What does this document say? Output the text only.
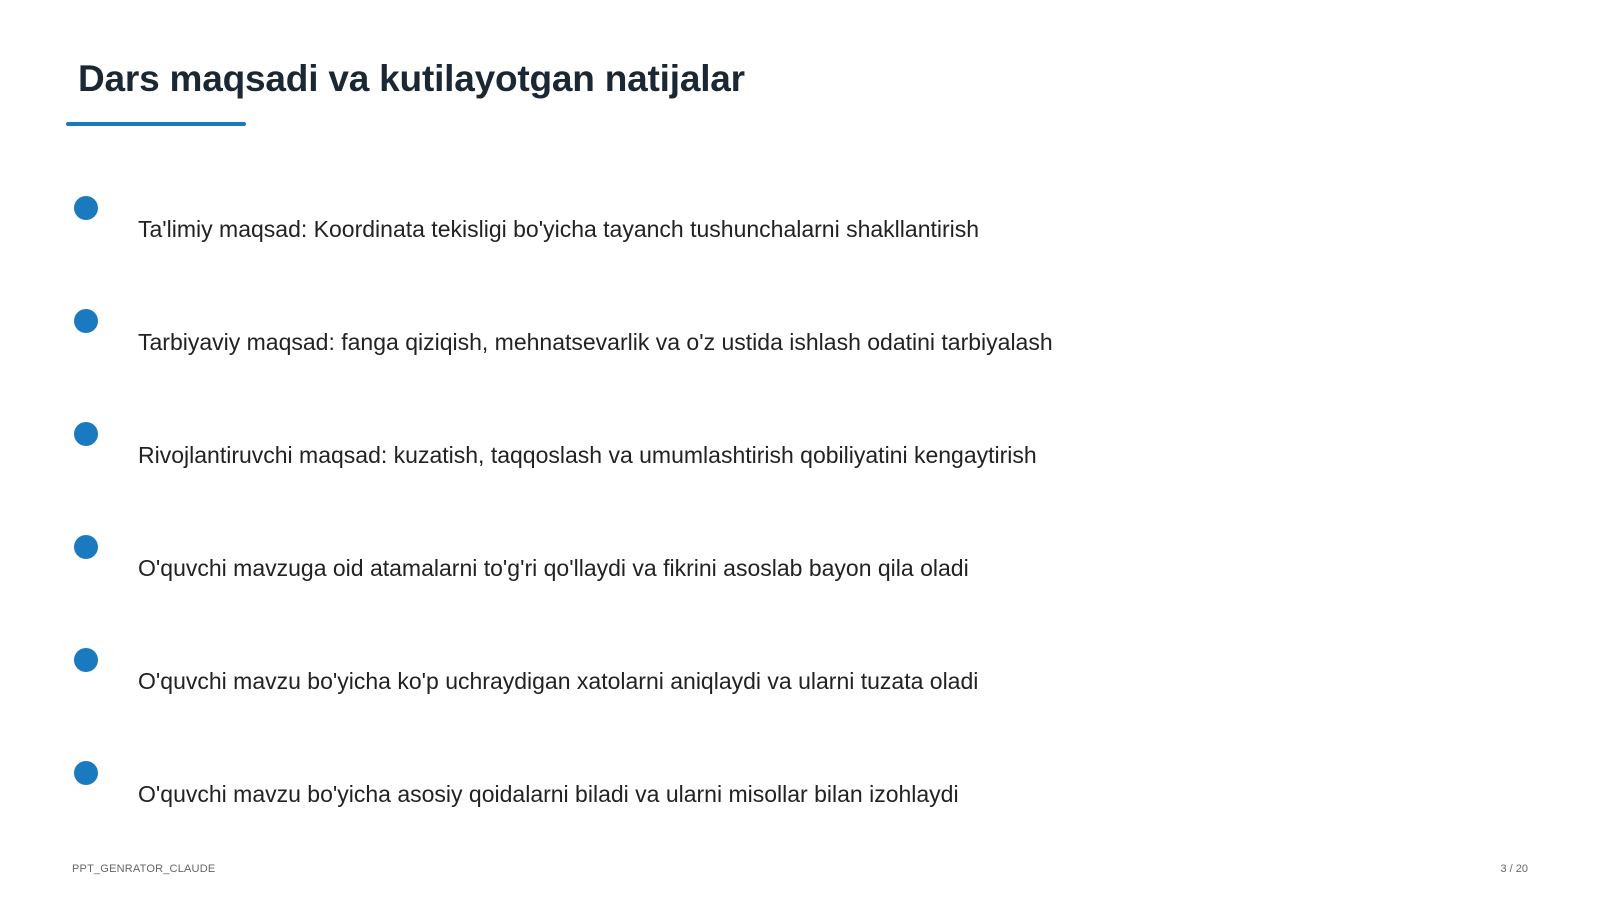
Dars maqsadi va kutilayotgan natijalar
Ta'limiy maqsad: Koordinata tekisligi bo'yicha tayanch tushunchalarni shakllantirish
Tarbiyaviy maqsad: fanga qiziqish, mehnatsevarlik va o'z ustida ishlash odatini tarbiyalash
Rivojlantiruvchi maqsad: kuzatish, taqqoslash va umumlashtirish qobiliyatini kengaytirish
O'quvchi mavzuga oid atamalarni to'g'ri qo'llaydi va fikrini asoslab bayon qila oladi
O'quvchi mavzu bo'yicha ko'p uchraydigan xatolarni aniqlaydi va ularni tuzata oladi
O'quvchi mavzu bo'yicha asosiy qoidalarni biladi va ularni misollar bilan izohlaydi
PPT_GENRATOR_CLAUDE	3 / 20
